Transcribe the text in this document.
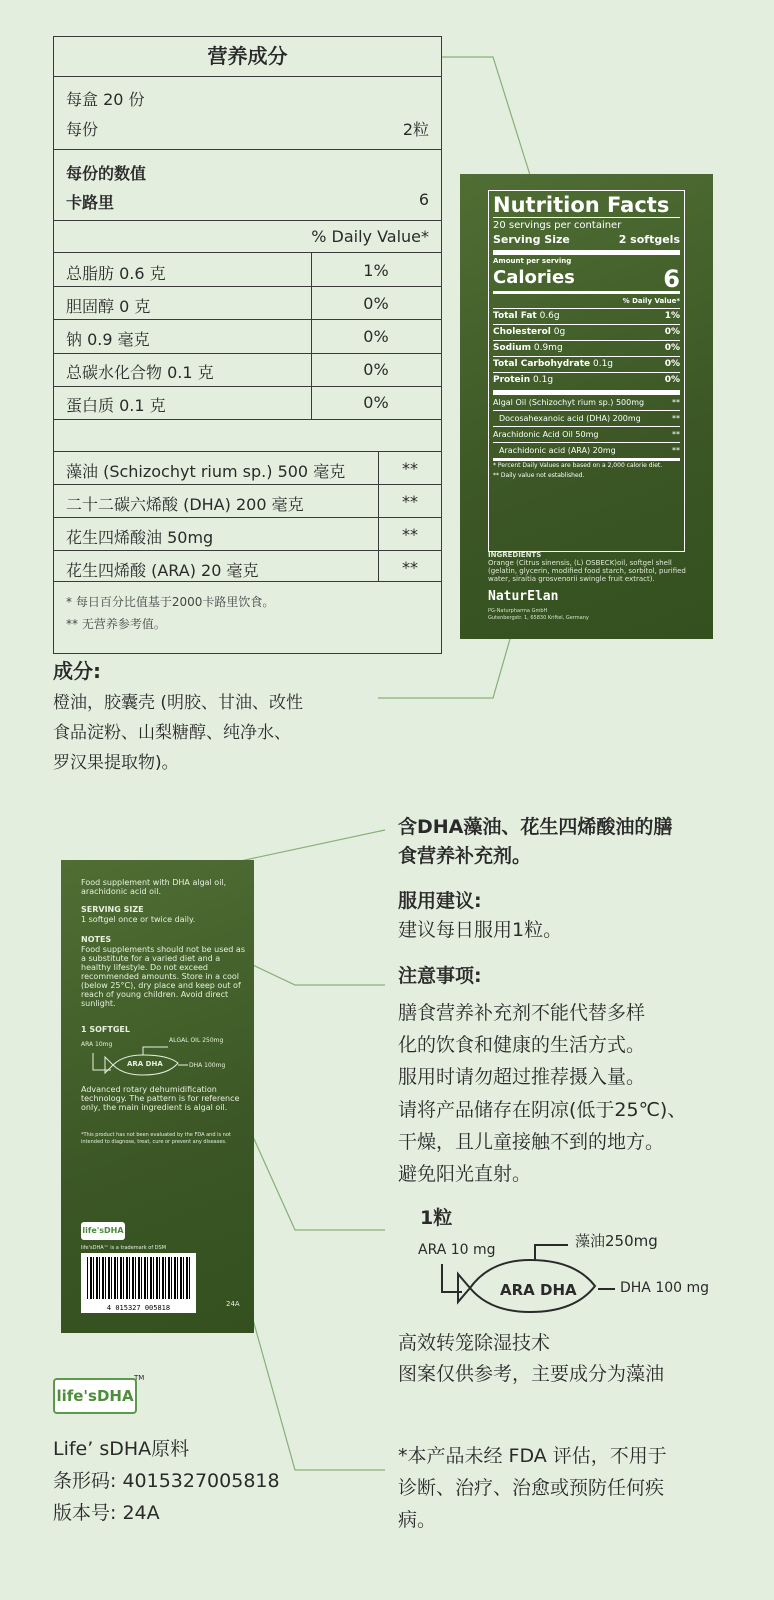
营养成分
每盒 20 份
每份	2粒
每份的数值
卡路里	6
% Daily Value*
总脂肪 0.6 克	1%
胆固醇 0 克	0%
钠 0.9 毫克	0%
总碳水化合物 0.1 克	0%
蛋白质 0.1 克	0%
藻油 (Schizochyt rium sp.) 500 毫克	**
二十二碳六烯酸 (DHA) 200 毫克	**
花生四烯酸油 50mg	**
花生四烯酸 (ARA) 20 毫克	**
* 每日百分比值基于2000卡路里饮食。
** 无营养参考值。
成分:
橙油，胶囊壳 (明胶、甘油、改性
食品淀粉、山梨糖醇、纯净水、
罗汉果提取物)。
Nutrition Facts
20 servings per container
Serving Size	2 softgels
Amount per serving
Calories	6
% Daily Value*
Total Fat 0.6g	1%
Cholesterol 0g	0%
Sodium 0.9mg	0%
Total Carbohydrate 0.1g	0%
Protein 0.1g	0%
Algal Oil (Schizochyt rium sp.) 500mg	**
Docosahexanoic acid (DHA) 200mg	**
Arachidonic Acid Oil 50mg	**
Arachidonic acid (ARA) 20mg	**
* Percent Daily Values are based on a 2,000 calorie diet.
** Daily value not established.
INGREDIENTS
Orange (Citrus sinensis, (L) OSBECK)oil, softgel shell (gelatin, glycerin, modified food starch, sorbitol, purified water, siraitia grosvenorii swingle fruit extract).
NaturElan
PG-Naturpharma GmbH
Gutenbergstr. 1, 65830 Kriftel, Germany
Food supplement with DHA algal oil, arachidonic acid oil.
SERVING SIZE
1 softgel once or twice daily.
NOTES
Food supplements should not be used as a substitute for a varied diet and a healthy lifestyle. Do not exceed recommended amounts. Store in a cool (below 25°C), dry place and keep out of reach of young children. Avoid direct sunlight.
1 SOFTGEL
ARA 10mg
ALGAL OIL 250mg
ARA DHA	DHA 100mg
Advanced rotary dehumidification technology. The pattern is for reference only, the main ingredient is algal oil.
*This product has not been evaluated by the FDA and is not intended to diagnose, treat, cure or prevent any diseases.
life'sDHA
life'sDHA™ is a trademark of DSM
4 015327 005818	24A
含DHA藻油、花生四烯酸油的膳
食营养补充剂。
服用建议:
建议每日服用1粒。
注意事项:
膳食营养补充剂不能代替多样
化的饮食和健康的生活方式。
服用时请勿超过推荐摄入量。
请将产品储存在阴凉(低于25℃)、
干燥，且儿童接触不到的地方。
避免阳光直射。
1粒
ARA 10 mg	藻油250mg
ARA DHA	DHA 100 mg
高效转笼除湿技术
图案仅供参考，主要成分为藻油
*本产品未经 FDA 评估，不用于
诊断、治疗、治愈或预防任何疾
病。
life'sDHA
TM
Life’ sDHA原料
条形码: 4015327005818
版本号: 24A
